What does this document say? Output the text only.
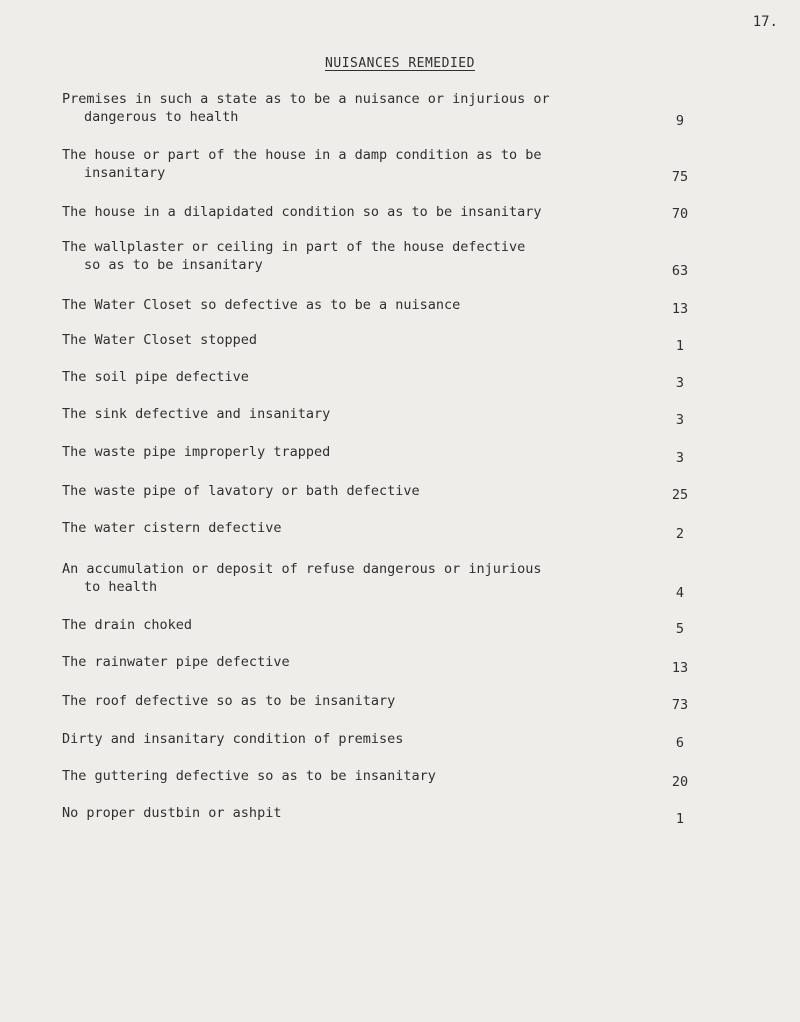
17.
NUISANCES REMEDIED
Premises in such a state as to be a nuisance or injurious or
dangerous to health	9
The house or part of the house in a damp condition as to be
insanitary	75
The house in a dilapidated condition so as to be insanitary	70
The wallplaster or ceiling in part of the house defective
so as to be insanitary	63
The Water Closet so defective as to be a nuisance	13
The Water Closet stopped	1
The soil pipe defective	3
The sink defective and insanitary	3
The waste pipe improperly trapped	3
The waste pipe of lavatory or bath defective	25
The water cistern defective	2
An accumulation or deposit of refuse dangerous or injurious
to health	4
The drain choked	5
The rainwater pipe defective	13
The roof defective so as to be insanitary	73
Dirty and insanitary condition of premises	6
The guttering defective so as to be insanitary	20
No proper dustbin or ashpit	1
